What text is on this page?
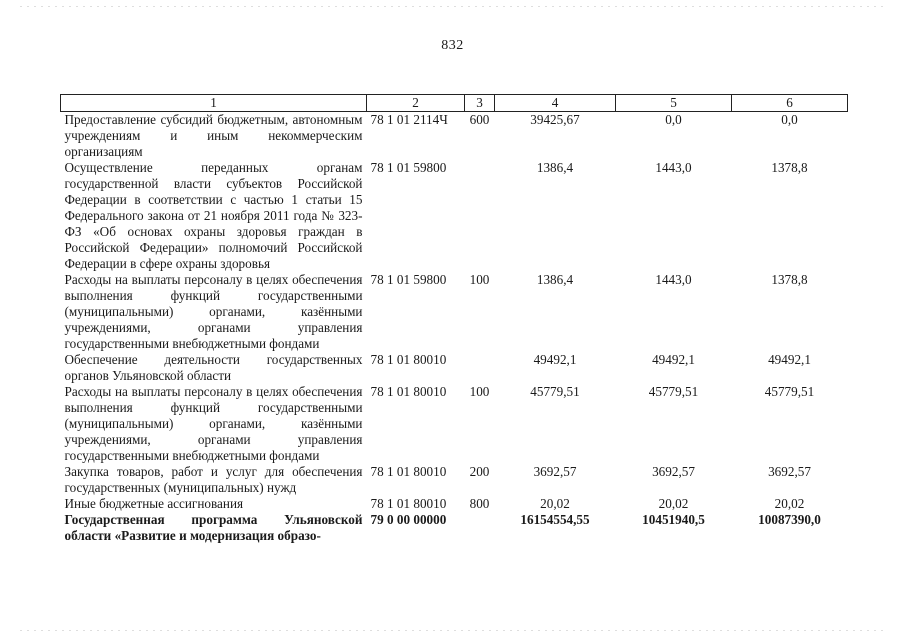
832
1	2	3	4	5	6
Предоставление субсидий бюджетным, автономным учреждениям и иным некоммерческим организациям	78 1 01 2114Ч	600	39425,67	0,0	0,0
Осуществление переданных органам государственной власти субъектов Российской Федерации в соответствии с частью 1 статьи 15 Федерального закона от 21 ноября 2011 года № 323-ФЗ «Об основах охраны здоровья граждан в Российской Федерации» полномочий Российской Федерации в сфере охраны здоровья	78 1 01 59800		1386,4	1443,0	1378,8
Расходы на выплаты персоналу в целях обеспечения выполнения функций государственными (муниципальными) органами, казёнными учреждениями, органами управления государственными внебюджетными фондами	78 1 01 59800	100	1386,4	1443,0	1378,8
Обеспечение деятельности государственных органов Ульяновской области	78 1 01 80010		49492,1	49492,1	49492,1
Расходы на выплаты персоналу в целях обеспечения выполнения функций государственными (муниципальными) органами, казёнными учреждениями, органами управления государственными внебюджетными фондами	78 1 01 80010	100	45779,51	45779,51	45779,51
Закупка товаров, работ и услуг для обеспечения государственных (муниципальных) нужд	78 1 01 80010	200	3692,57	3692,57	3692,57
Иные бюджетные ассигнования	78 1 01 80010	800	20,02	20,02	20,02
Государственная программа Ульяновской области «Развитие и модернизация образо-	79 0 00 00000		16154554,55	10451940,5	10087390,0
